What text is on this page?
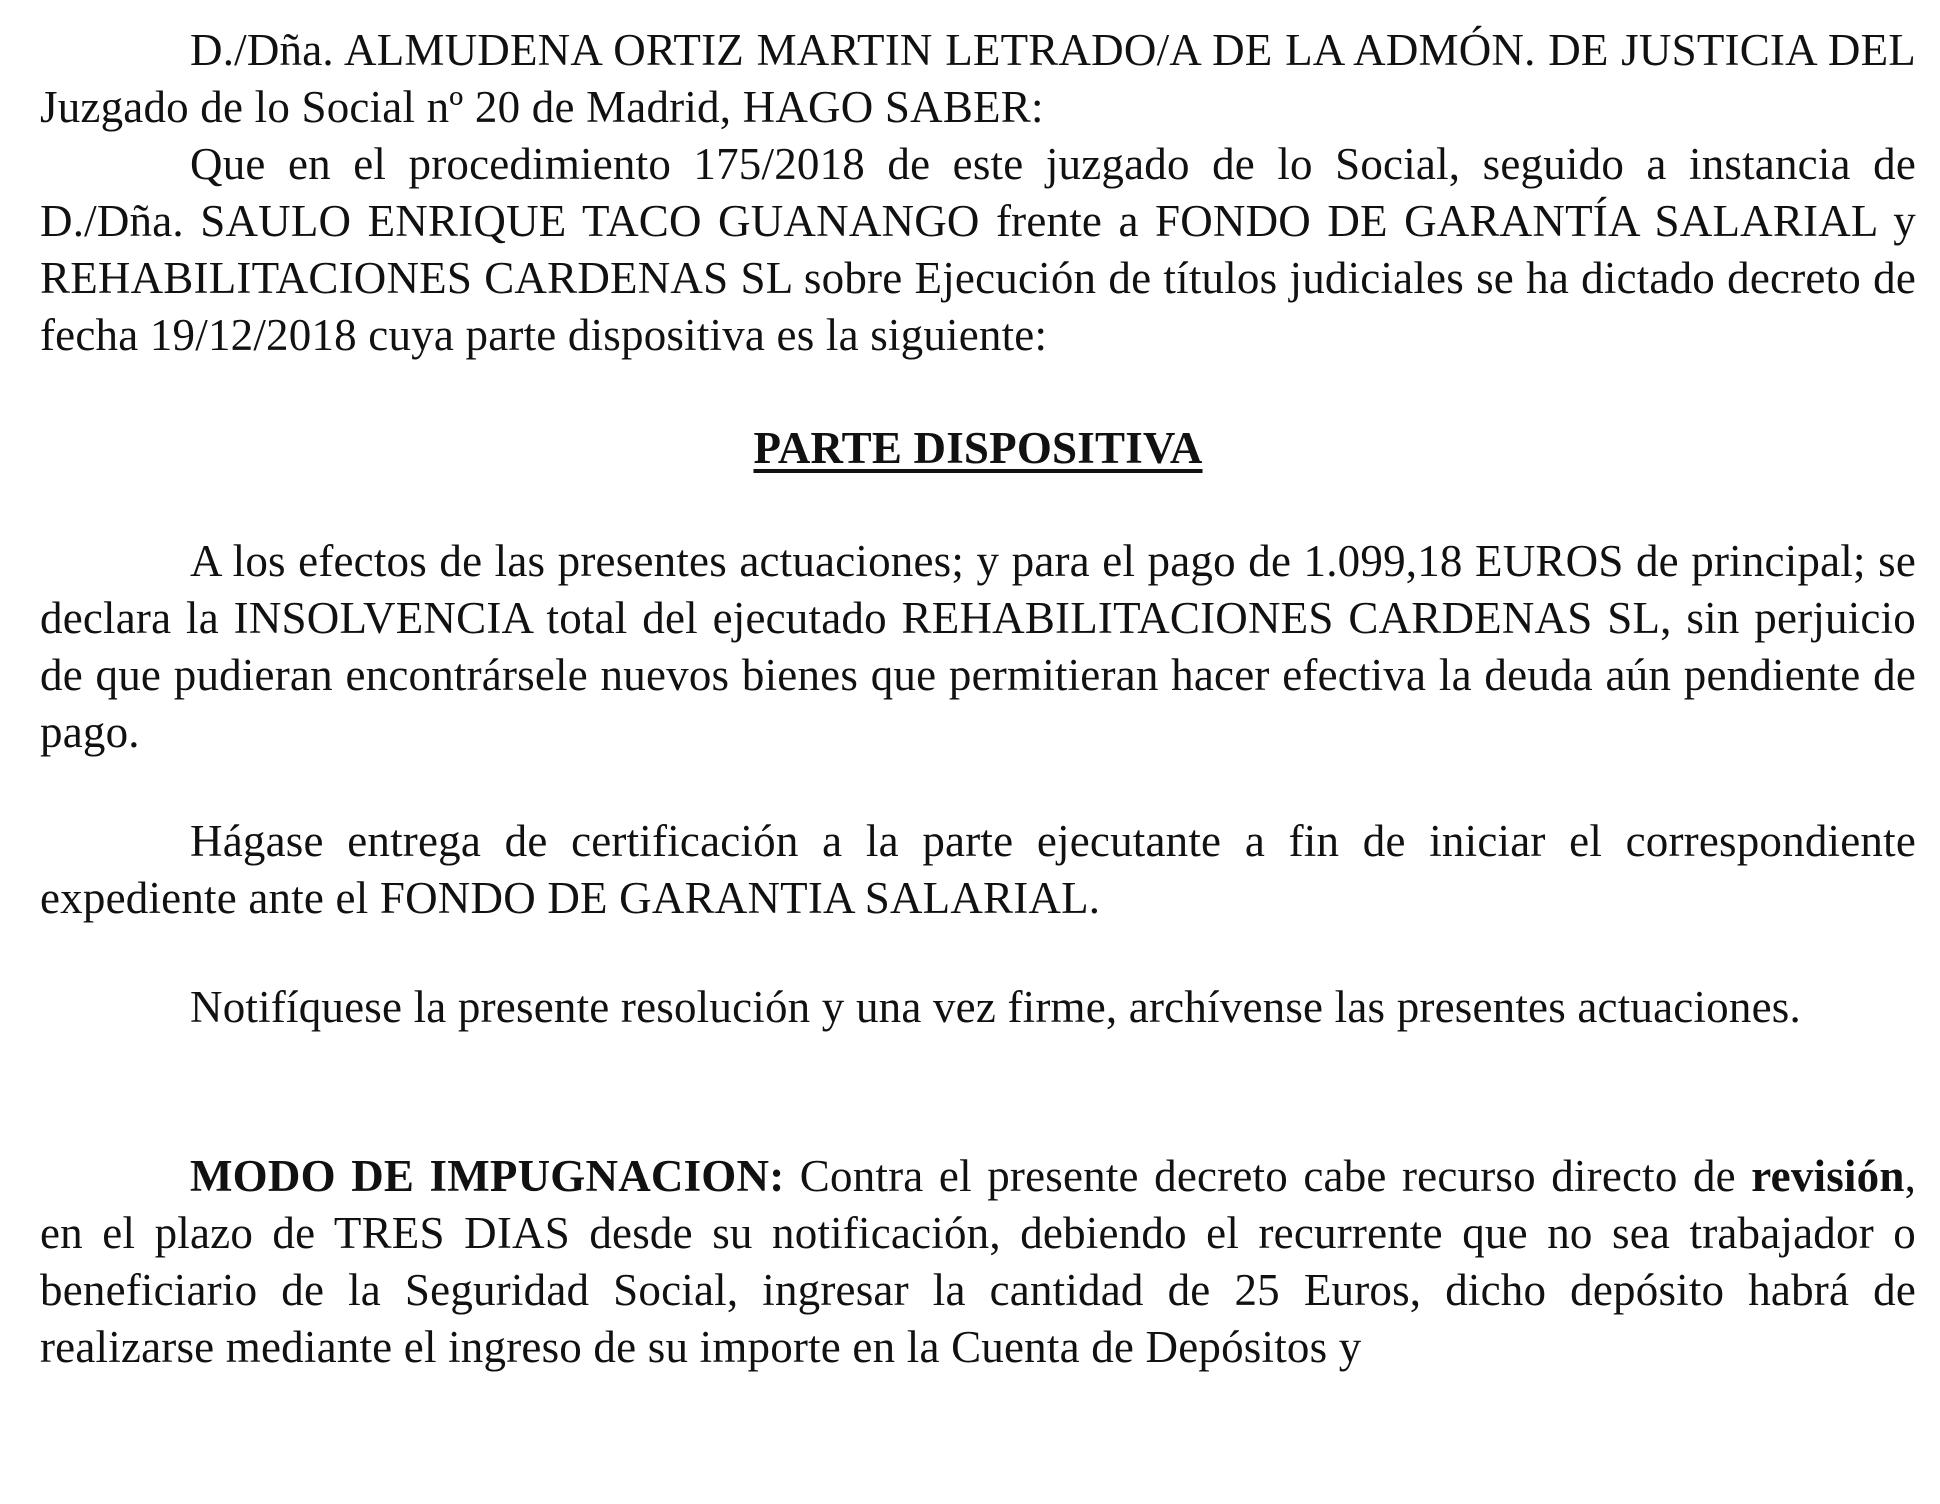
D./Dña. ALMUDENA ORTIZ MARTIN LETRADO/A DE LA ADMÓN. DE JUSTICIA DEL Juzgado de lo Social nº 20 de Madrid, HAGO SABER:

Que en el procedimiento 175/2018 de este juzgado de lo Social, seguido a instancia de D./Dña. SAULO ENRIQUE TACO GUANANGO frente a FONDO DE GARANTÍA SALARIAL y REHABILITACIONES CARDENAS SL sobre Ejecución de títulos judiciales se ha dictado decreto de fecha 19/12/2018 cuya parte dispositiva es la siguiente:

PARTE DISPOSITIVA

A los efectos de las presentes actuaciones; y para el pago de 1.099,18 EUROS de principal; se declara la INSOLVENCIA total del ejecutado REHABILITACIONES CARDENAS SL, sin perjuicio de que pudieran encontrársele nuevos bienes que permitieran hacer efectiva la deuda aún pendiente de pago.

Hágase entrega de certificación a la parte ejecutante a fin de iniciar el correspondiente expediente ante el FONDO DE GARANTIA SALARIAL.

Notifíquese la presente resolución y una vez firme, archívense las presentes actuaciones.

MODO DE IMPUGNACION: Contra el presente decreto cabe recurso directo de revisión, en el plazo de TRES DIAS desde su notificación, debiendo el recurrente que no sea trabajador o beneficiario de la Seguridad Social, ingresar la cantidad de 25 Euros, dicho depósito habrá de realizarse mediante el ingreso de su importe en la Cuenta de Depósitos y
